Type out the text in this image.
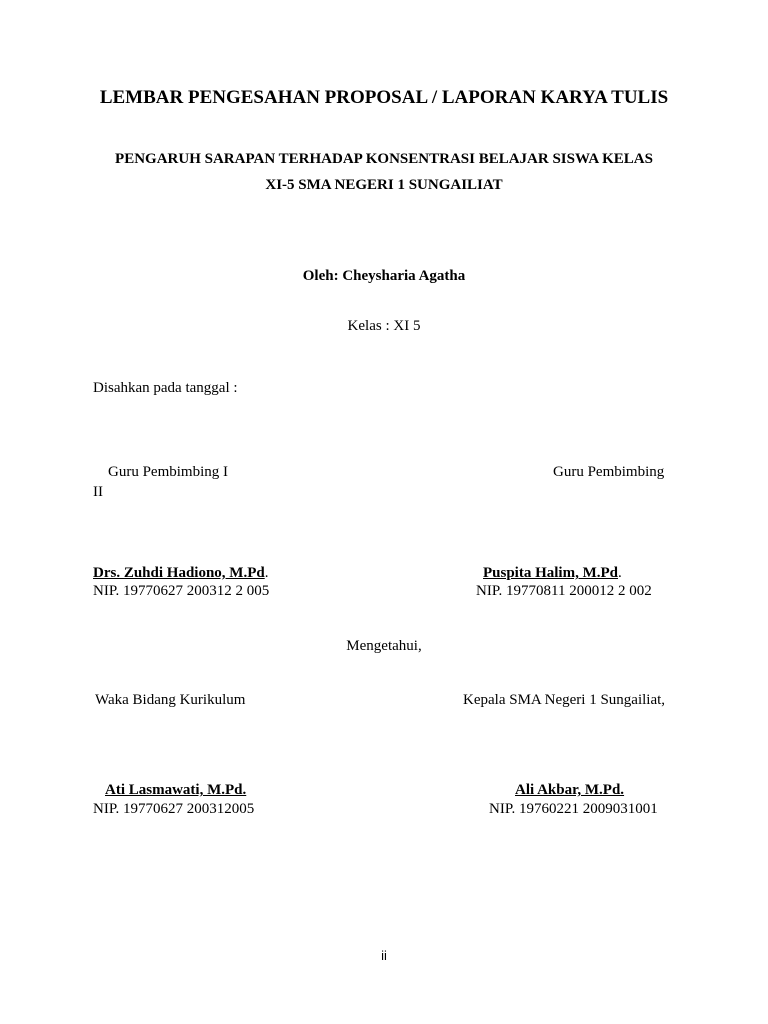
LEMBAR PENGESAHAN PROPOSAL / LAPORAN KARYA TULIS
PENGARUH SARAPAN TERHADAP KONSENTRASI BELAJAR SISWA KELAS
XI-5 SMA NEGERI 1 SUNGAILIAT
Oleh: Cheysharia Agatha
Kelas : XI 5
Disahkan pada tanggal :
Guru Pembimbing I	Guru Pembimbing
II
Drs. Zuhdi Hadiono, M.Pd.	Puspita Halim, M.Pd.
NIP. 19770627 200312 2 005	NIP. 19770811 200012 2 002
Mengetahui,
Waka Bidang Kurikulum	Kepala SMA Negeri 1 Sungailiat,
Ati Lasmawati, M.Pd.	Ali Akbar, M.Pd.
NIP. 19770627 200312005	NIP. 19760221 2009031001
ii
